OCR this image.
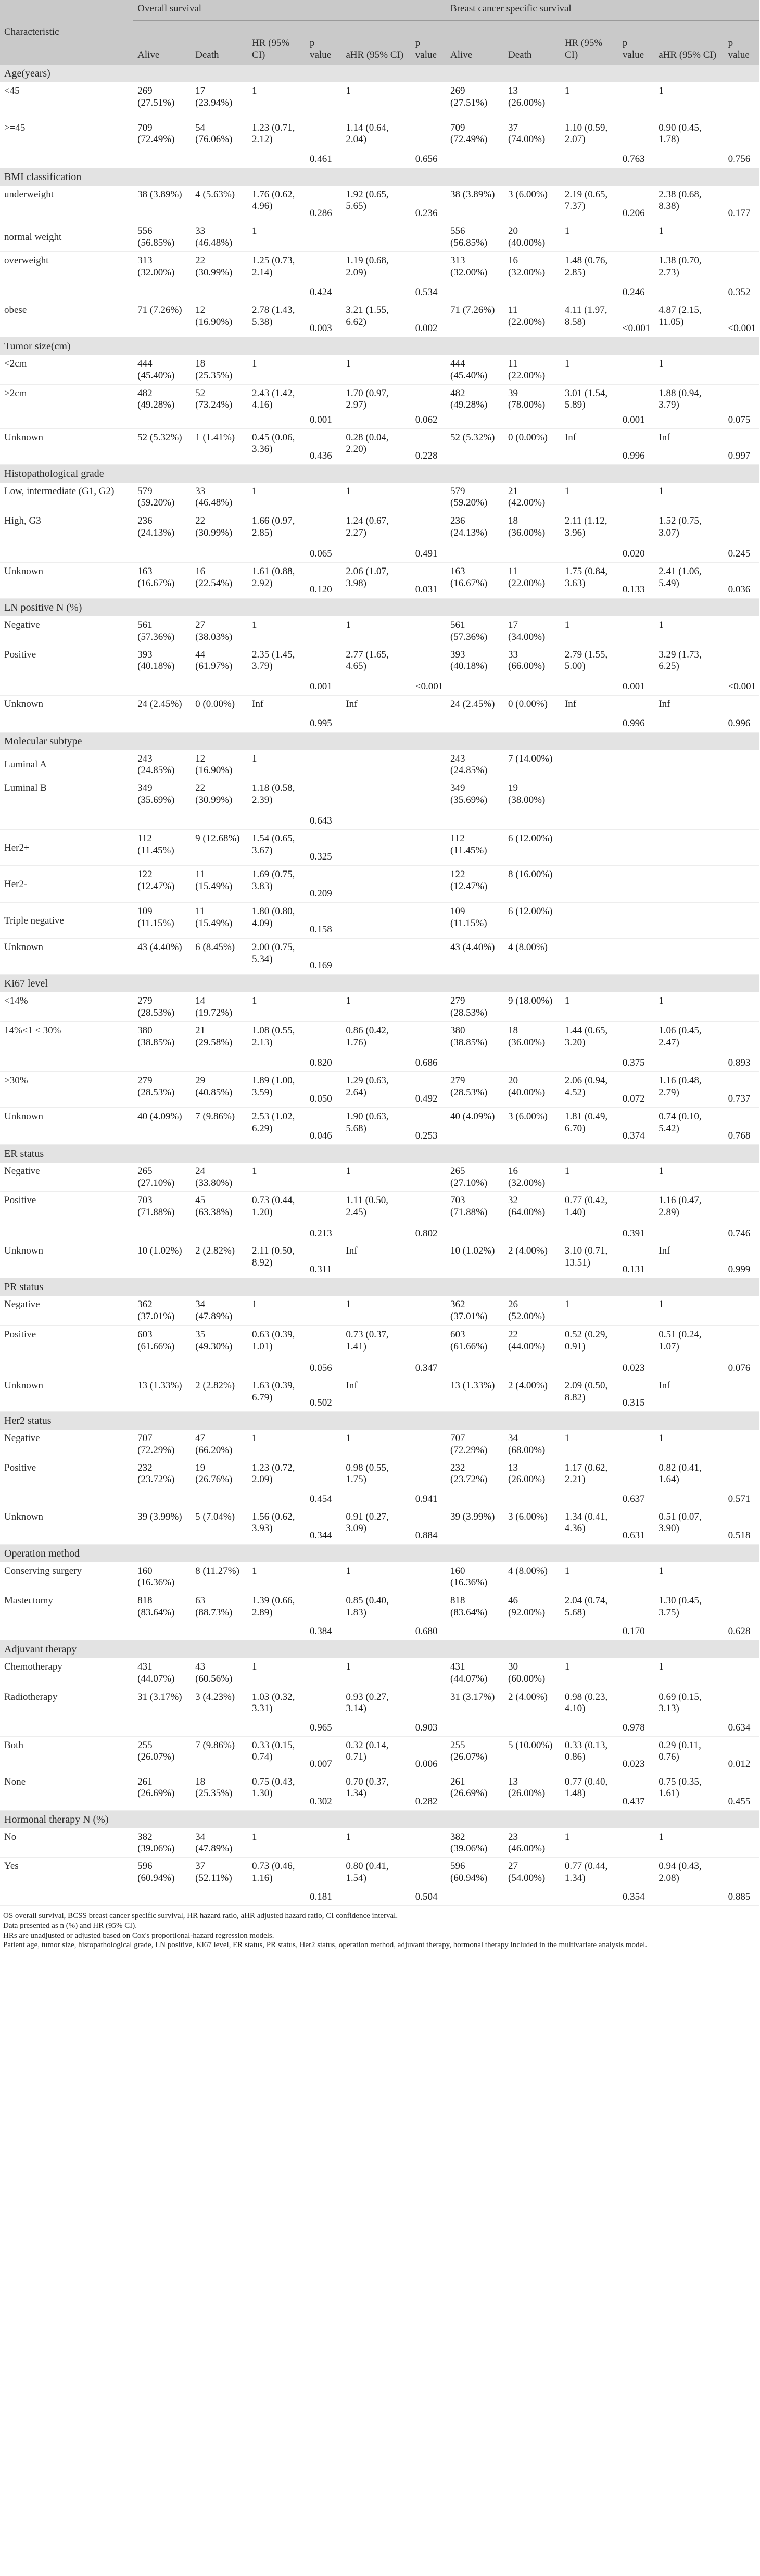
Characteristic	Overall survival						Breast cancer specific survival					
	Alive	Death	HR (95% CI)	p value	aHR (95% CI)	p value	Alive	Death	HR (95% CI)	p value	aHR (95% CI)	p value
Age(years)												
<45	269 (27.51%)	17 (23.94%)	1		1		269 (27.51%)	13 (26.00%)	1		1	
>=45	709 (72.49%)	54 (76.06%)	1.23 (0.71, 2.12)	0.461	1.14 (0.64, 2.04)	0.656	709 (72.49%)	37 (74.00%)	1.10 (0.59, 2.07)	0.763	0.90 (0.45, 1.78)	0.756
BMI classification												
underweight	38 (3.89%)	4 (5.63%)	1.76 (0.62, 4.96)	0.286	1.92 (0.65, 5.65)	0.236	38 (3.89%)	3 (6.00%)	2.19 (0.65, 7.37)	0.206	2.38 (0.68, 8.38)	0.177
normal weight	556 (56.85%)	33 (46.48%)	1				556 (56.85%)	20 (40.00%)	1		1	
overweight	313 (32.00%)	22 (30.99%)	1.25 (0.73, 2.14)	0.424	1.19 (0.68, 2.09)	0.534	313 (32.00%)	16 (32.00%)	1.48 (0.76, 2.85)	0.246	1.38 (0.70, 2.73)	0.352
obese	71 (7.26%)	12 (16.90%)	2.78 (1.43, 5.38)	0.003	3.21 (1.55, 6.62)	0.002	71 (7.26%)	11 (22.00%)	4.11 (1.97, 8.58)	<0.001	4.87 (2.15, 11.05)	<0.001
Tumor size(cm)												
<2cm	444 (45.40%)	18 (25.35%)	1		1		444 (45.40%)	11 (22.00%)	1		1	
>2cm	482 (49.28%)	52 (73.24%)	2.43 (1.42, 4.16)	0.001	1.70 (0.97, 2.97)	0.062	482 (49.28%)	39 (78.00%)	3.01 (1.54, 5.89)	0.001	1.88 (0.94, 3.79)	0.075
Unknown	52 (5.32%)	1 (1.41%)	0.45 (0.06, 3.36)	0.436	0.28 (0.04, 2.20)	0.228	52 (5.32%)	0 (0.00%)	Inf	0.996	Inf	0.997
Histopathological grade												
Low, intermediate (G1, G2)	579 (59.20%)	33 (46.48%)	1		1		579 (59.20%)	21 (42.00%)	1		1	
High, G3	236 (24.13%)	22 (30.99%)	1.66 (0.97, 2.85)	0.065	1.24 (0.67, 2.27)	0.491	236 (24.13%)	18 (36.00%)	2.11 (1.12, 3.96)	0.020	1.52 (0.75, 3.07)	0.245
Unknown	163 (16.67%)	16 (22.54%)	1.61 (0.88, 2.92)	0.120	2.06 (1.07, 3.98)	0.031	163 (16.67%)	11 (22.00%)	1.75 (0.84, 3.63)	0.133	2.41 (1.06, 5.49)	0.036
LN positive N (%)												
Negative	561 (57.36%)	27 (38.03%)	1		1		561 (57.36%)	17 (34.00%)	1		1	
Positive	393 (40.18%)	44 (61.97%)	2.35 (1.45, 3.79)	0.001	2.77 (1.65, 4.65)	<0.001	393 (40.18%)	33 (66.00%)	2.79 (1.55, 5.00)	0.001	3.29 (1.73, 6.25)	<0.001
Unknown	24 (2.45%)	0 (0.00%)	Inf	0.995	Inf		24 (2.45%)	0 (0.00%)	Inf	0.996	Inf	0.996
Molecular subtype												
Luminal A	243 (24.85%)	12 (16.90%)	1				243 (24.85%)	7 (14.00%)				
Luminal B	349 (35.69%)	22 (30.99%)	1.18 (0.58, 2.39)	0.643			349 (35.69%)	19 (38.00%)				
Her2+	112 (11.45%)	9 (12.68%)	1.54 (0.65, 3.67)	0.325			112 (11.45%)	6 (12.00%)				
Her2-	122 (12.47%)	11 (15.49%)	1.69 (0.75, 3.83)	0.209			122 (12.47%)	8 (16.00%)				
Triple negative	109 (11.15%)	11 (15.49%)	1.80 (0.80, 4.09)	0.158			109 (11.15%)	6 (12.00%)				
Unknown	43 (4.40%)	6 (8.45%)	2.00 (0.75, 5.34)	0.169			43 (4.40%)	4 (8.00%)				
Ki67 level												
<14%	279 (28.53%)	14 (19.72%)	1		1		279 (28.53%)	9 (18.00%)	1		1	
14%≤1 ≤ 30%	380 (38.85%)	21 (29.58%)	1.08 (0.55, 2.13)	0.820	0.86 (0.42, 1.76)	0.686	380 (38.85%)	18 (36.00%)	1.44 (0.65, 3.20)	0.375	1.06 (0.45, 2.47)	0.893
>30%	279 (28.53%)	29 (40.85%)	1.89 (1.00, 3.59)	0.050	1.29 (0.63, 2.64)	0.492	279 (28.53%)	20 (40.00%)	2.06 (0.94, 4.52)	0.072	1.16 (0.48, 2.79)	0.737
Unknown	40 (4.09%)	7 (9.86%)	2.53 (1.02, 6.29)	0.046	1.90 (0.63, 5.68)	0.253	40 (4.09%)	3 (6.00%)	1.81 (0.49, 6.70)	0.374	0.74 (0.10, 5.42)	0.768
ER status												
Negative	265 (27.10%)	24 (33.80%)	1		1		265 (27.10%)	16 (32.00%)	1		1	
Positive	703 (71.88%)	45 (63.38%)	0.73 (0.44, 1.20)	0.213	1.11 (0.50, 2.45)	0.802	703 (71.88%)	32 (64.00%)	0.77 (0.42, 1.40)	0.391	1.16 (0.47, 2.89)	0.746
Unknown	10 (1.02%)	2 (2.82%)	2.11 (0.50, 8.92)	0.311	Inf		10 (1.02%)	2 (4.00%)	3.10 (0.71, 13.51)	0.131	Inf	0.999
PR status												
Negative	362 (37.01%)	34 (47.89%)	1		1		362 (37.01%)	26 (52.00%)	1		1	
Positive	603 (61.66%)	35 (49.30%)	0.63 (0.39, 1.01)	0.056	0.73 (0.37, 1.41)	0.347	603 (61.66%)	22 (44.00%)	0.52 (0.29, 0.91)	0.023	0.51 (0.24, 1.07)	0.076
Unknown	13 (1.33%)	2 (2.82%)	1.63 (0.39, 6.79)	0.502	Inf		13 (1.33%)	2 (4.00%)	2.09 (0.50, 8.82)	0.315	Inf	
Her2 status												
Negative	707 (72.29%)	47 (66.20%)	1		1		707 (72.29%)	34 (68.00%)	1		1	
Positive	232 (23.72%)	19 (26.76%)	1.23 (0.72, 2.09)	0.454	0.98 (0.55, 1.75)	0.941	232 (23.72%)	13 (26.00%)	1.17 (0.62, 2.21)	0.637	0.82 (0.41, 1.64)	0.571
Unknown	39 (3.99%)	5 (7.04%)	1.56 (0.62, 3.93)	0.344	0.91 (0.27, 3.09)	0.884	39 (3.99%)	3 (6.00%)	1.34 (0.41, 4.36)	0.631	0.51 (0.07, 3.90)	0.518
Operation method												
Conserving surgery	160 (16.36%)	8 (11.27%)	1		1		160 (16.36%)	4 (8.00%)	1		1	
Mastectomy	818 (83.64%)	63 (88.73%)	1.39 (0.66, 2.89)	0.384	0.85 (0.40, 1.83)	0.680	818 (83.64%)	46 (92.00%)	2.04 (0.74, 5.68)	0.170	1.30 (0.45, 3.75)	0.628
Adjuvant therapy												
Chemotherapy	431 (44.07%)	43 (60.56%)	1		1		431 (44.07%)	30 (60.00%)	1		1	
Radiotherapy	31 (3.17%)	3 (4.23%)	1.03 (0.32, 3.31)	0.965	0.93 (0.27, 3.14)	0.903	31 (3.17%)	2 (4.00%)	0.98 (0.23, 4.10)	0.978	0.69 (0.15, 3.13)	0.634
Both	255 (26.07%)	7 (9.86%)	0.33 (0.15, 0.74)	0.007	0.32 (0.14, 0.71)	0.006	255 (26.07%)	5 (10.00%)	0.33 (0.13, 0.86)	0.023	0.29 (0.11, 0.76)	0.012
None	261 (26.69%)	18 (25.35%)	0.75 (0.43, 1.30)	0.302	0.70 (0.37, 1.34)	0.282	261 (26.69%)	13 (26.00%)	0.77 (0.40, 1.48)	0.437	0.75 (0.35, 1.61)	0.455
Hormonal therapy N (%)												
No	382 (39.06%)	34 (47.89%)	1		1		382 (39.06%)	23 (46.00%)	1		1	
Yes	596 (60.94%)	37 (52.11%)	0.73 (0.46, 1.16)	0.181	0.80 (0.41, 1.54)	0.504	596 (60.94%)	27 (54.00%)	0.77 (0.44, 1.34)	0.354	0.94 (0.43, 2.08)	0.885
OS overall survival, BCSS breast cancer specific survival, HR hazard ratio, aHR adjusted hazard ratio, CI confidence interval.
Data presented as n (%) and HR (95% CI).
HRs are unadjusted or adjusted based on Cox's proportional-hazard regression models.
Patient age, tumor size, histopathological grade, LN positive, Ki67 level, ER status, PR status, Her2 status, operation method, adjuvant therapy, hormonal therapy included in the multivariate analysis model.
